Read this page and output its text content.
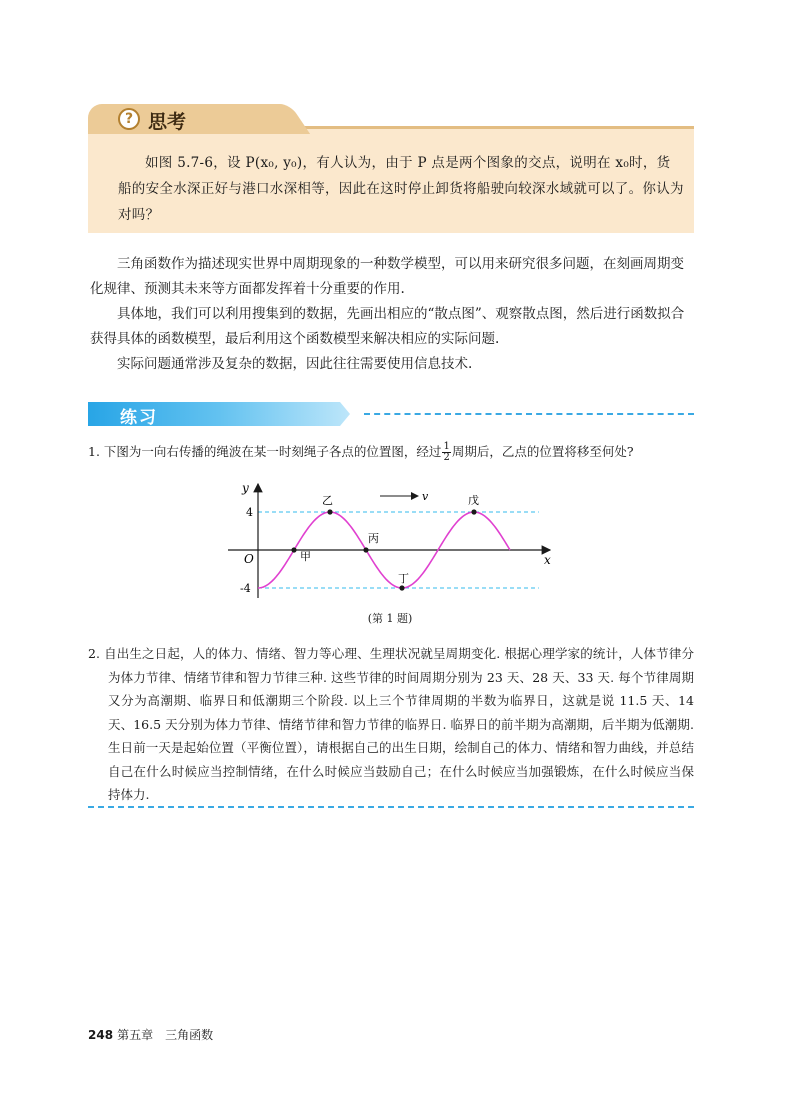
? 思考
如图 5.7-6，设 P(x₀, y₀)，有人认为，由于 P 点是两个图象的交点，说明在 x₀时，货船的安全水深正好与港口水深相等，因此在这时停止卸货将船驶向较深水域就可以了。你认为对吗？

三角函数作为描述现实世界中周期现象的一种数学模型，可以用来研究很多问题，在刻画周期变化规律、预测其未来等方面都发挥着十分重要的作用.

具体地，我们可以利用搜集到的数据，先画出相应的“散点图”、观察散点图，然后进行函数拟合获得具体的函数模型，最后利用这个函数模型来解决相应的实际问题.

实际问题通常涉及复杂的数据，因此往往需要使用信息技术.

练习
1. 下图为一向右传播的绳波在某一时刻绳子各点的位置图，经过 $\frac{1}{2}$ 周期后，乙点的位置将移至何处?
x
y
O
4
-4
甲
乙
丙
丁
戊
v
(第 1 题)
2. 自出生之日起，人的体力、情绪、智力等心理、生理状况就呈周期变化. 根据心理学家的统计，人体节律分为体力节律、情绪节律和智力节律三种. 这些节律的时间周期分别为 23 天、28 天、33 天. 每个节律周期又分为高潮期、临界日和低潮期三个阶段. 以上三个节律周期的半数为临界日，这就是说 11.5 天、14 天、16.5 天分别为体力节律、情绪节律和智力节律的临界日. 临界日的前半期为高潮期，后半期为低潮期. 生日前一天是起始位置（平衡位置），请根据自己的出生日期，绘制自己的体力、情绪和智力曲线，并总结自己在什么时候应当控制情绪，在什么时候应当鼓励自己；在什么时候应当加强锻炼，在什么时候应当保持体力.
248 第五章 三角函数
